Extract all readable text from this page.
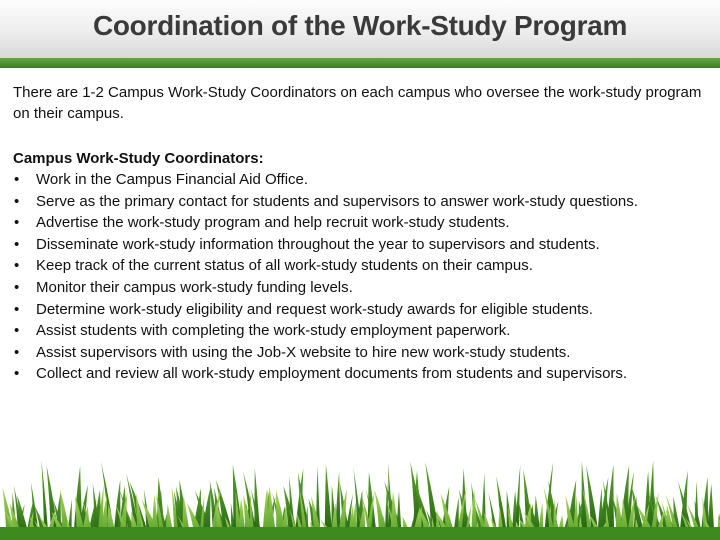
Coordination of the Work-Study Program
There are 1-2 Campus Work-Study Coordinators on each campus who oversee the work-study program on their campus.
Campus Work-Study Coordinators:
• Work in the Campus Financial Aid Office.
• Serve as the primary contact for students and supervisors to answer work-study questions.
• Advertise the work-study program and help recruit work-study students.
• Disseminate work-study information throughout the year to supervisors and students.
• Keep track of the current status of all work-study students on their campus.
• Monitor their campus work-study funding levels.
• Determine work-study eligibility and request work-study awards for eligible students.
• Assist students with completing the work-study employment paperwork.
• Assist supervisors with using the Job-X website to hire new work-study students.
• Collect and review all work-study employment documents from students and supervisors.
